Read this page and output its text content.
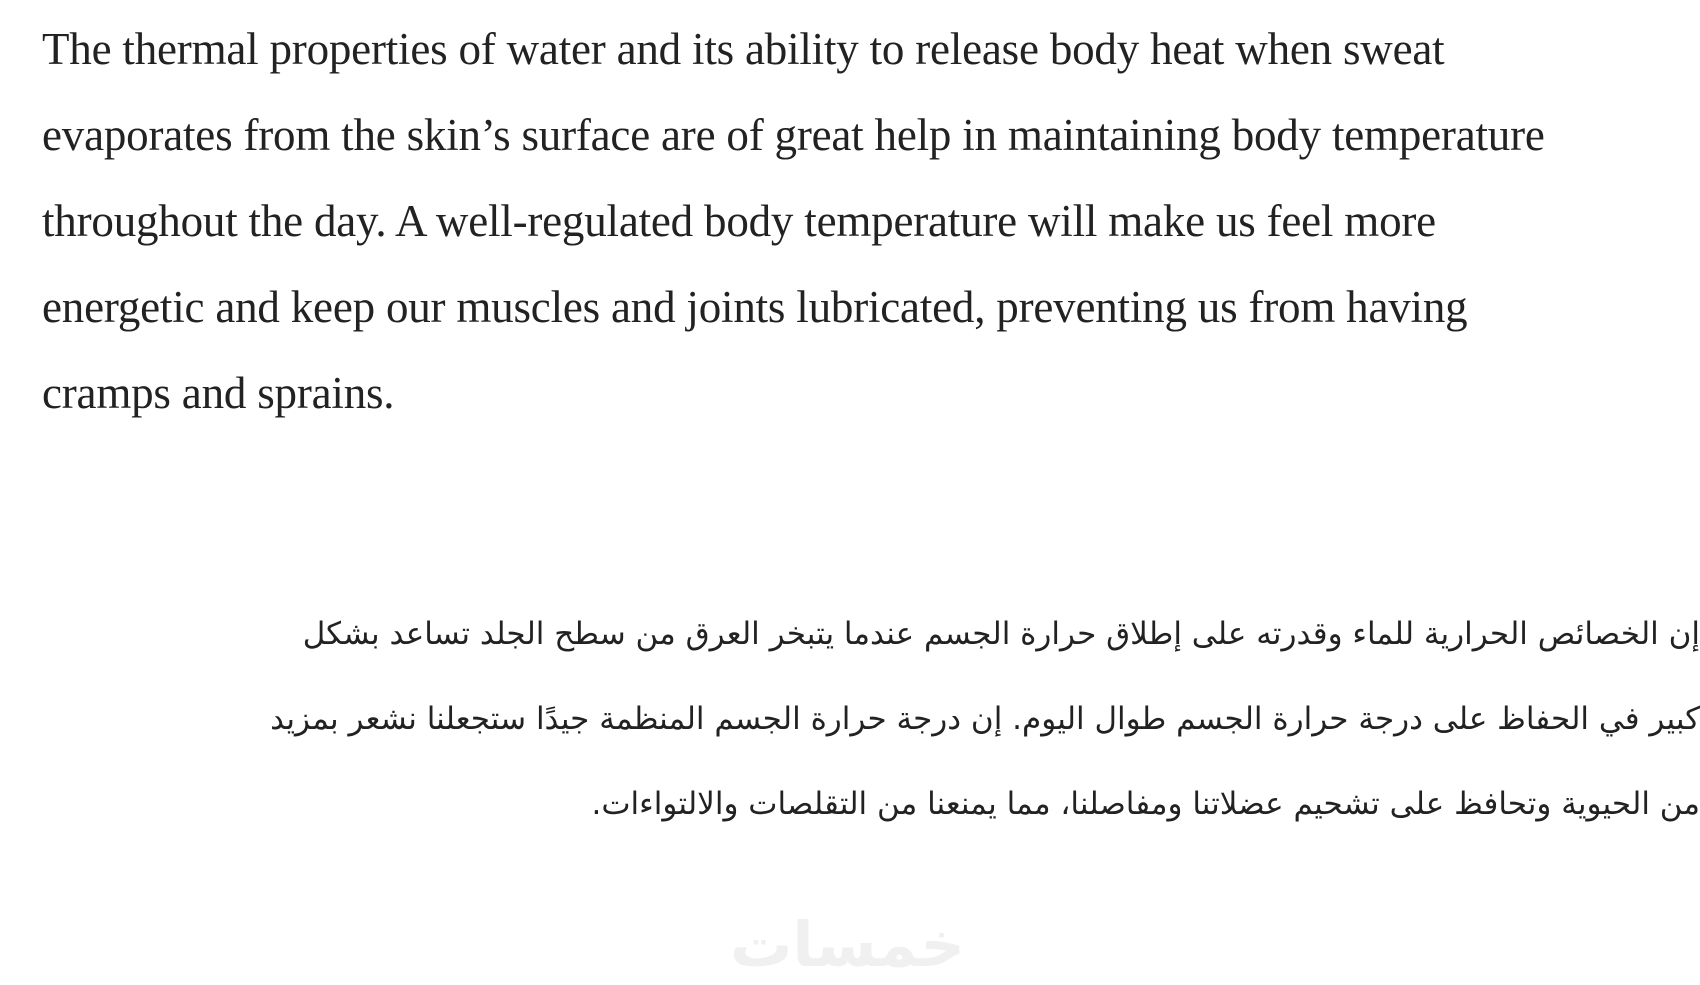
The thermal properties of water and its ability to release body heat when sweat
evaporates from the skin’s surface are of great help in maintaining body temperature
throughout the day. A well-regulated body temperature will make us feel more
energetic and keep our muscles and joints lubricated, preventing us from having
cramps and sprains.
إن الخصائص الحرارية للماء وقدرته على إطلاق حرارة الجسم عندما يتبخر العرق من سطح الجلد تساعد بشكل
كبير في الحفاظ على درجة حرارة الجسم طوال اليوم. إن درجة حرارة الجسم المنظمة جيدًا ستجعلنا نشعر بمزيد
من الحيوية وتحافظ على تشحيم عضلاتنا ومفاصلنا، مما يمنعنا من التقلصات والالتواءات.
خمسات
